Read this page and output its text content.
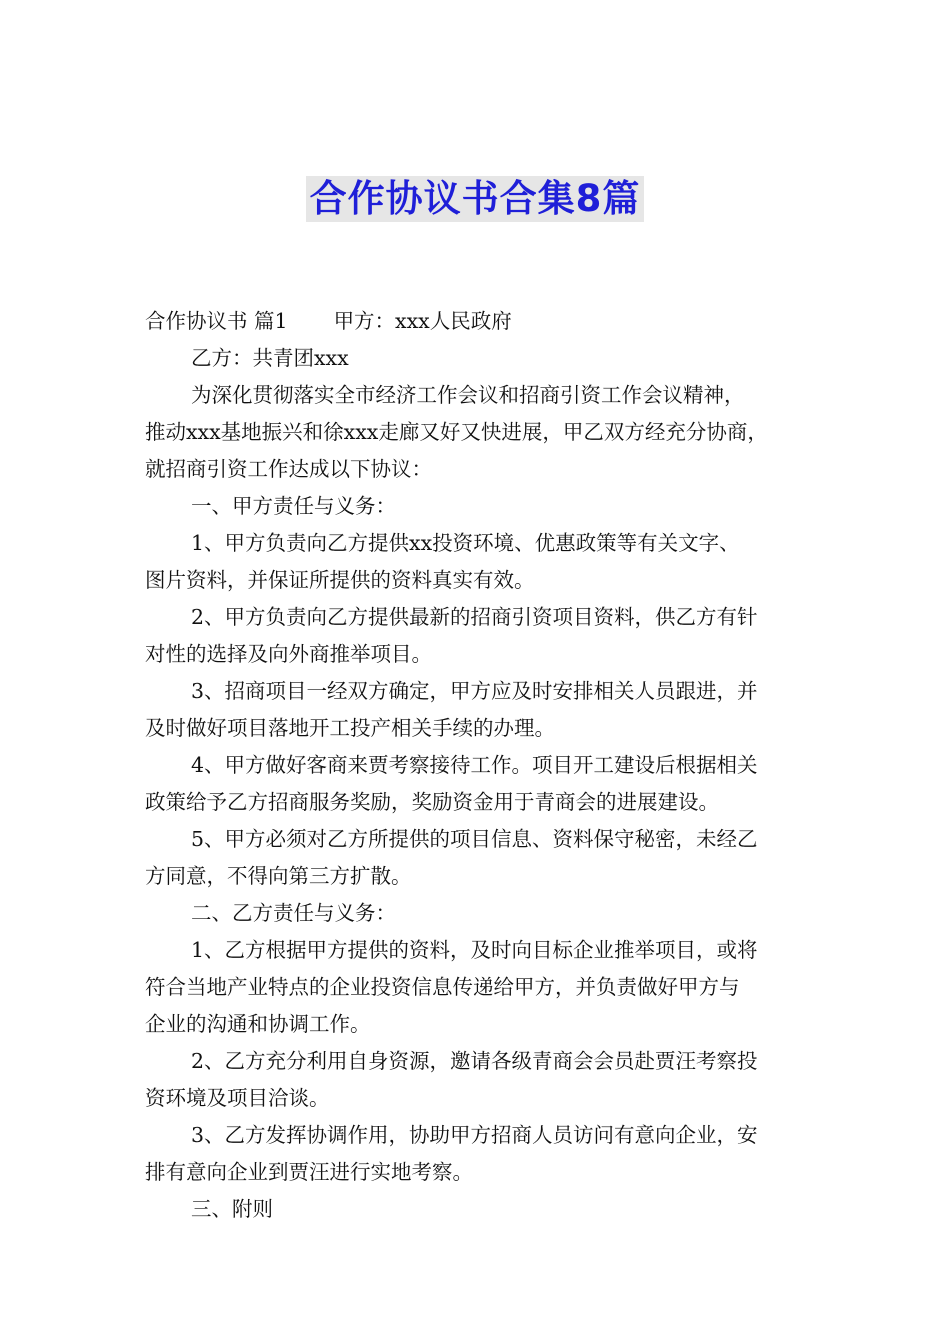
合作协议书合集8篇

合作协议书 篇1 甲方：xxx人民政府

乙方：共青团xxx

为深化贯彻落实全市经济工作会议和招商引资工作会议精神，

推动xxx基地振兴和徐xxx走廊又好又快进展，甲乙双方经充分协商，

就招商引资工作达成以下协议：

一、甲方责任与义务：

1、甲方负责向乙方提供xx投资环境、优惠政策等有关文字、

图片资料，并保证所提供的资料真实有效。

2、甲方负责向乙方提供最新的招商引资项目资料，供乙方有针

对性的选择及向外商推举项目。

3、招商项目一经双方确定，甲方应及时安排相关人员跟进，并

及时做好项目落地开工投产相关手续的办理。

4、甲方做好客商来贾考察接待工作。项目开工建设后根据相关

政策给予乙方招商服务奖励，奖励资金用于青商会的进展建设。

5、甲方必须对乙方所提供的项目信息、资料保守秘密，未经乙

方同意，不得向第三方扩散。

二、乙方责任与义务：

1、乙方根据甲方提供的资料，及时向目标企业推举项目，或将

符合当地产业特点的企业投资信息传递给甲方，并负责做好甲方与

企业的沟通和协调工作。

2、乙方充分利用自身资源，邀请各级青商会会员赴贾汪考察投

资环境及项目洽谈。

3、乙方发挥协调作用，协助甲方招商人员访问有意向企业，安

排有意向企业到贾汪进行实地考察。

三、附则
